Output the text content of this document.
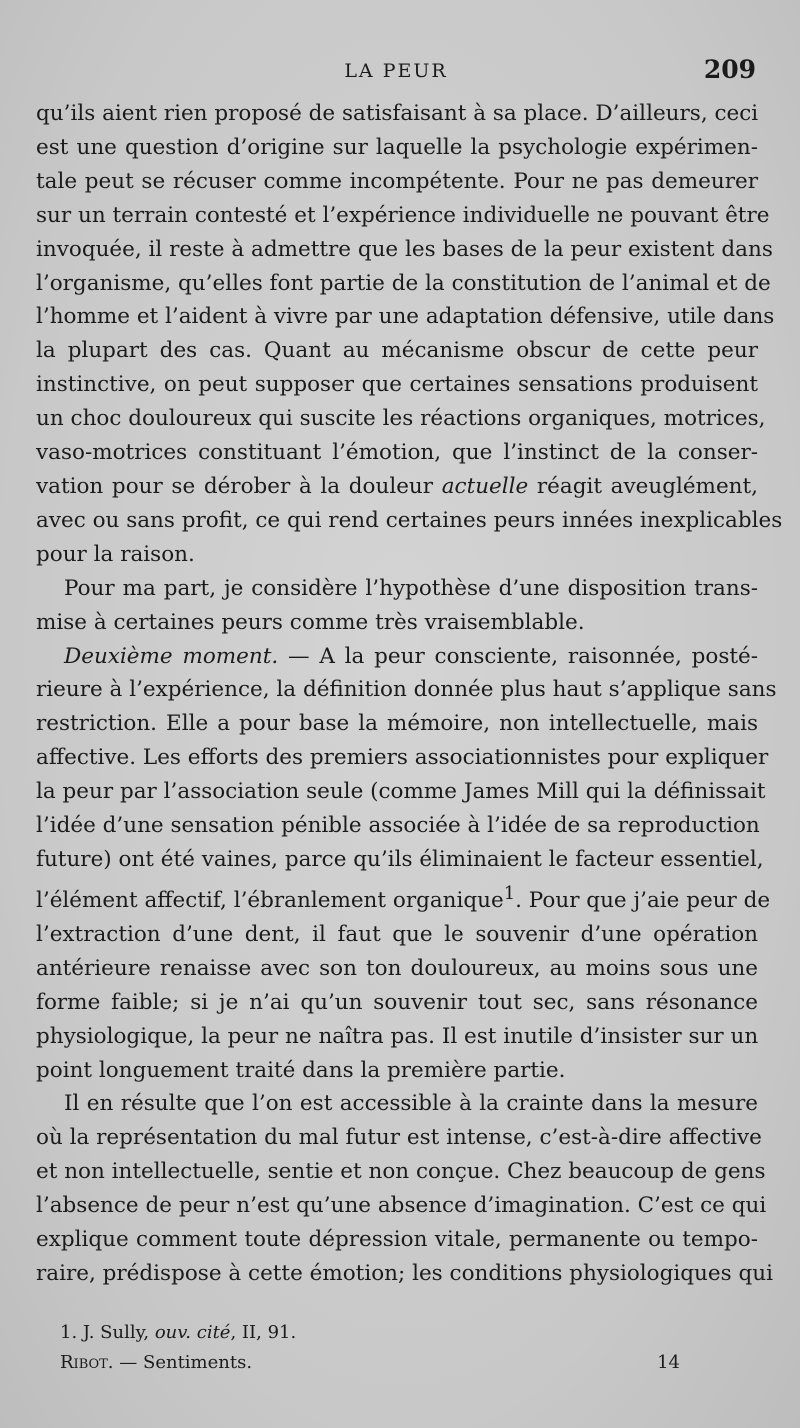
LA PEUR	209
qu’ils aient rien proposé de satisfaisant à sa place. D’ailleurs, ceci
est une question d’origine sur laquelle la psychologie expérimen-
tale peut se récuser comme incompétente. Pour ne pas demeurer
sur un terrain contesté et l’expérience individuelle ne pouvant être
invoquée, il reste à admettre que les bases de la peur existent dans
l’organisme, qu’elles font partie de la constitution de l’animal et de
l’homme et l’aident à vivre par une adaptation défensive, utile dans
la plupart des cas. Quant au mécanisme obscur de cette peur
instinctive, on peut supposer que certaines sensations produisent
un choc douloureux qui suscite les réactions organiques, motrices,
vaso-motrices constituant l’émotion, que l’instinct de la conser-
vation pour se dérober à la douleur actuelle réagit aveuglément,
avec ou sans profit, ce qui rend certaines peurs innées inexplicables
pour la raison.
Pour ma part, je considère l’hypothèse d’une disposition trans-
mise à certaines peurs comme très vraisemblable.
Deuxième moment. — A la peur consciente, raisonnée, posté-
rieure à l’expérience, la définition donnée plus haut s’applique sans
restriction. Elle a pour base la mémoire, non intellectuelle, mais
affective. Les efforts des premiers associationnistes pour expliquer
la peur par l’association seule (comme James Mill qui la définissait
l’idée d’une sensation pénible associée à l’idée de sa reproduction
future) ont été vaines, parce qu’ils éliminaient le facteur essentiel,
l’élément affectif, l’ébranlement organique$^1$. Pour que j’aie peur de
l’extraction d’une dent, il faut que le souvenir d’une opération
antérieure renaisse avec son ton douloureux, au moins sous une
forme faible; si je n’ai qu’un souvenir tout sec, sans résonance
physiologique, la peur ne naîtra pas. Il est inutile d’insister sur un
point longuement traité dans la première partie.
Il en résulte que l’on est accessible à la crainte dans la mesure
où la représentation du mal futur est intense, c’est-à-dire affective
et non intellectuelle, sentie et non conçue. Chez beaucoup de gens
l’absence de peur n’est qu’une absence d’imagination. C’est ce qui
explique comment toute dépression vitale, permanente ou tempo-
raire, prédispose à cette émotion; les conditions physiologiques qui
1. J. Sully, ouv. cité, II, 91.
Ribot. — Sentiments.	14
